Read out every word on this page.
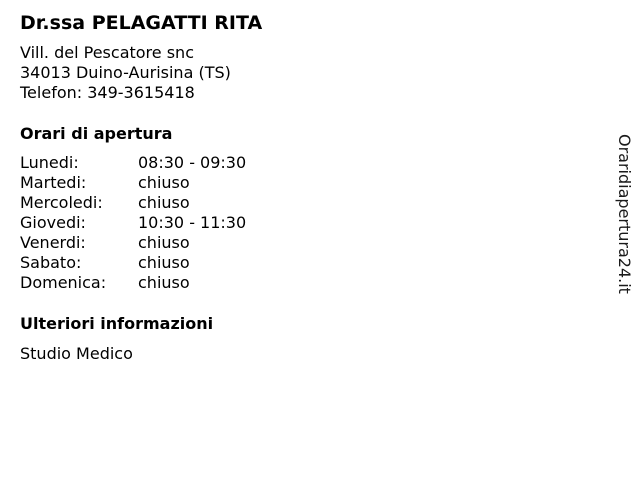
Dr.ssa PELAGATTI RITA
Vill. del Pescatore snc
34013 Duino-Aurisina (TS)
Telefon: 349-3615418
Orari di apertura
Lunedi:	08:30 - 09:30
Martedi:	chiuso
Mercoledi:	chiuso
Giovedi:	10:30 - 11:30
Venerdi:	chiuso
Sabato:	chiuso
Domenica:	chiuso
Ulteriori informazioni
Studio Medico
Oraridiapertura24.it
